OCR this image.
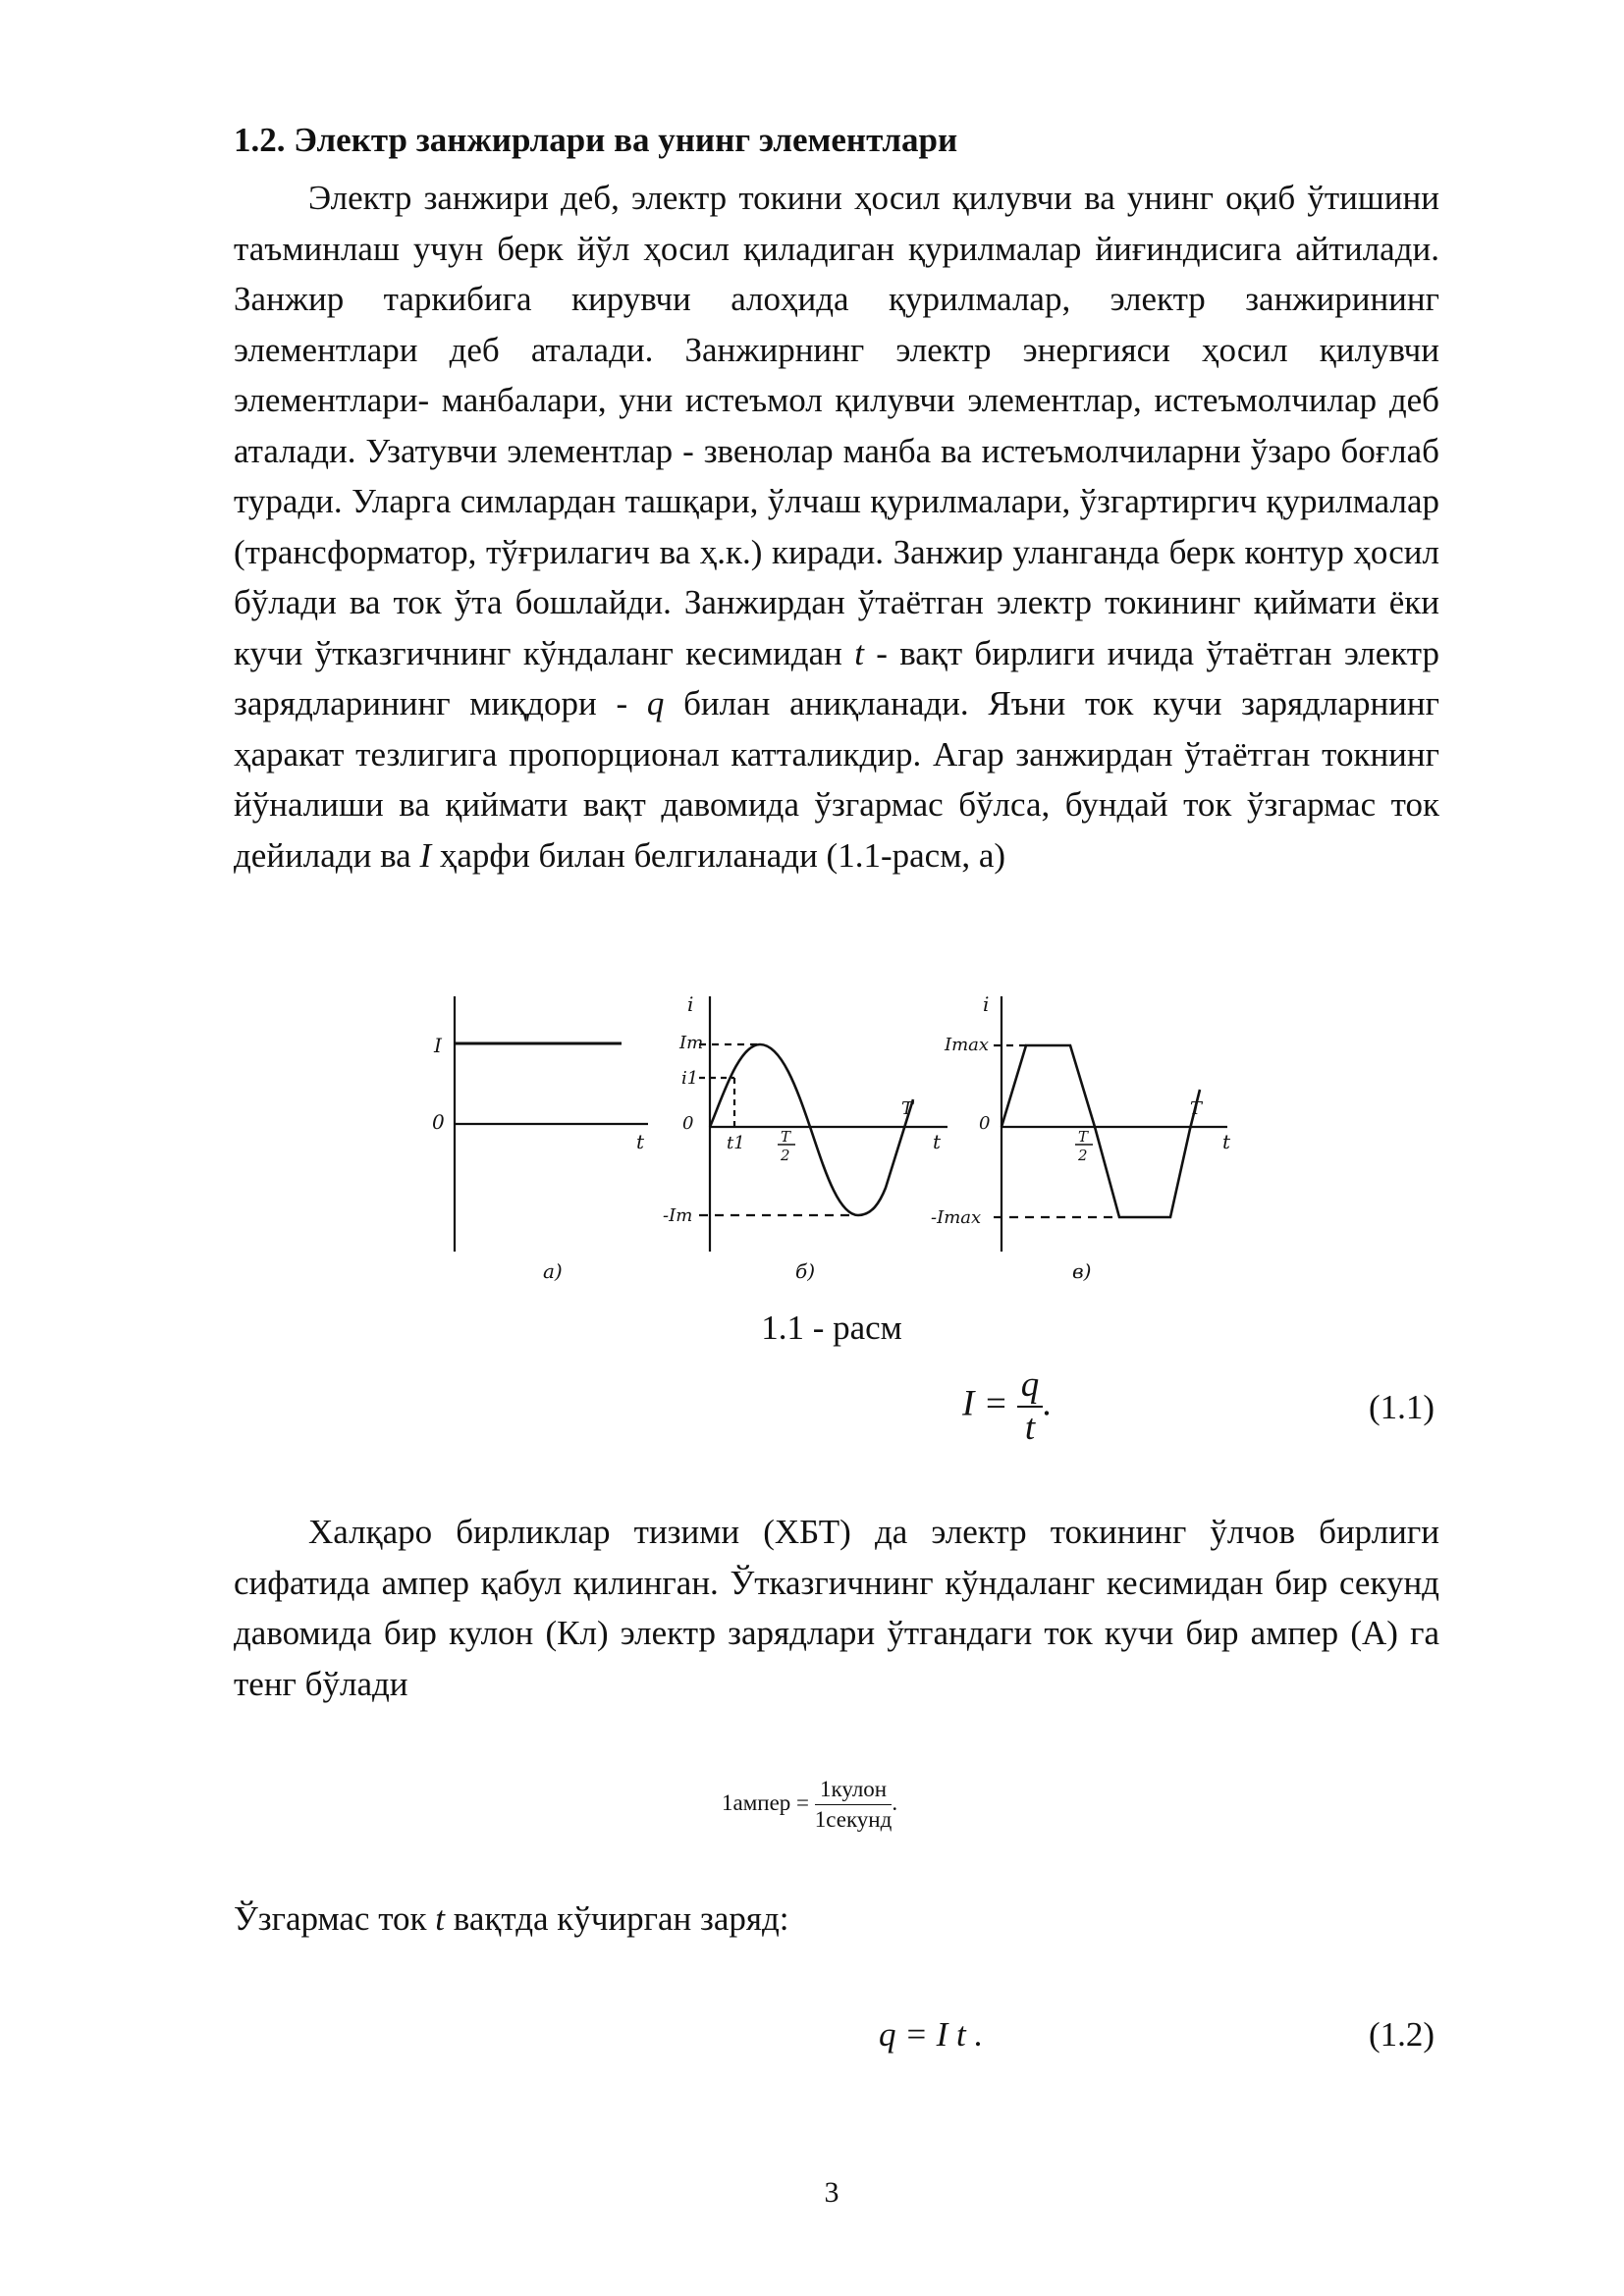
1.2. Электр занжирлари ва унинг элементлари

Электр занжири деб, электр токини ҳосил қилувчи ва унинг оқиб ўтишини таъминлаш учун берк йўл ҳосил қиладиган қурилмалар йиғиндисига айтилади. Занжир таркибига кирувчи алоҳида қурилмалар, электр занжирининг элементлари деб аталади. Занжирнинг электр энергияси ҳосил қилувчи элементлари- манбалари, уни истеъмол қилувчи элементлар, истеъмолчилар деб аталади. Узатувчи элементлар - звенолар манба ва истеъмолчиларни ўзаро боғлаб туради. Уларга симлардан ташқари, ўлчаш қурилмалари, ўзгартиргич қурилмалар (трансформатор, тўғрилагич ва ҳ.к.) киради. Занжир уланганда берк контур ҳосил бўлади ва ток ўта бошлайди. Занжирдан ўтаётган электр токининг қиймати ёки кучи ўтказгичнинг кўндаланг кесимидан t - вақт бирлиги ичида ўтаётган электр зарядларининг миқдори - q билан аниқланади. Яъни ток кучи зарядларнинг ҳаракат тезлигига пропорционал катталикдир. Агар занжирдан ўтаётган токнинг йўналиши ва қиймати вақт давомида ўзгармас бўлса, бундай ток ўзгармас ток дейилади ва I ҳарфи билан белгиланади (1.1-расм, а)

I
0
t
а)
i
Im
i1
0
t1 T
2
T
t
-Im
б)
i
Imax
0
T
2
T
t
-Imax
в)
1.1 - расм
$I = \frac{q}{t}$ .	(1.1)

Халқаро бирликлар тизими (ХБТ) да электр токининг ўлчов бирлиги сифатида ампер қабул қилинган. Ўтказгичнинг кўндаланг кесимидан бир секунд давомида бир кулон (Кл) электр зарядлари ўтгандаги ток кучи бир ампер (А) га тенг бўлади

1ампер = $\frac{\text{1кулон}}{\text{1секунд}}$ .
Ўзгармас ток t вақтда кўчирган заряд:
q = I t .	(1.2)
3
